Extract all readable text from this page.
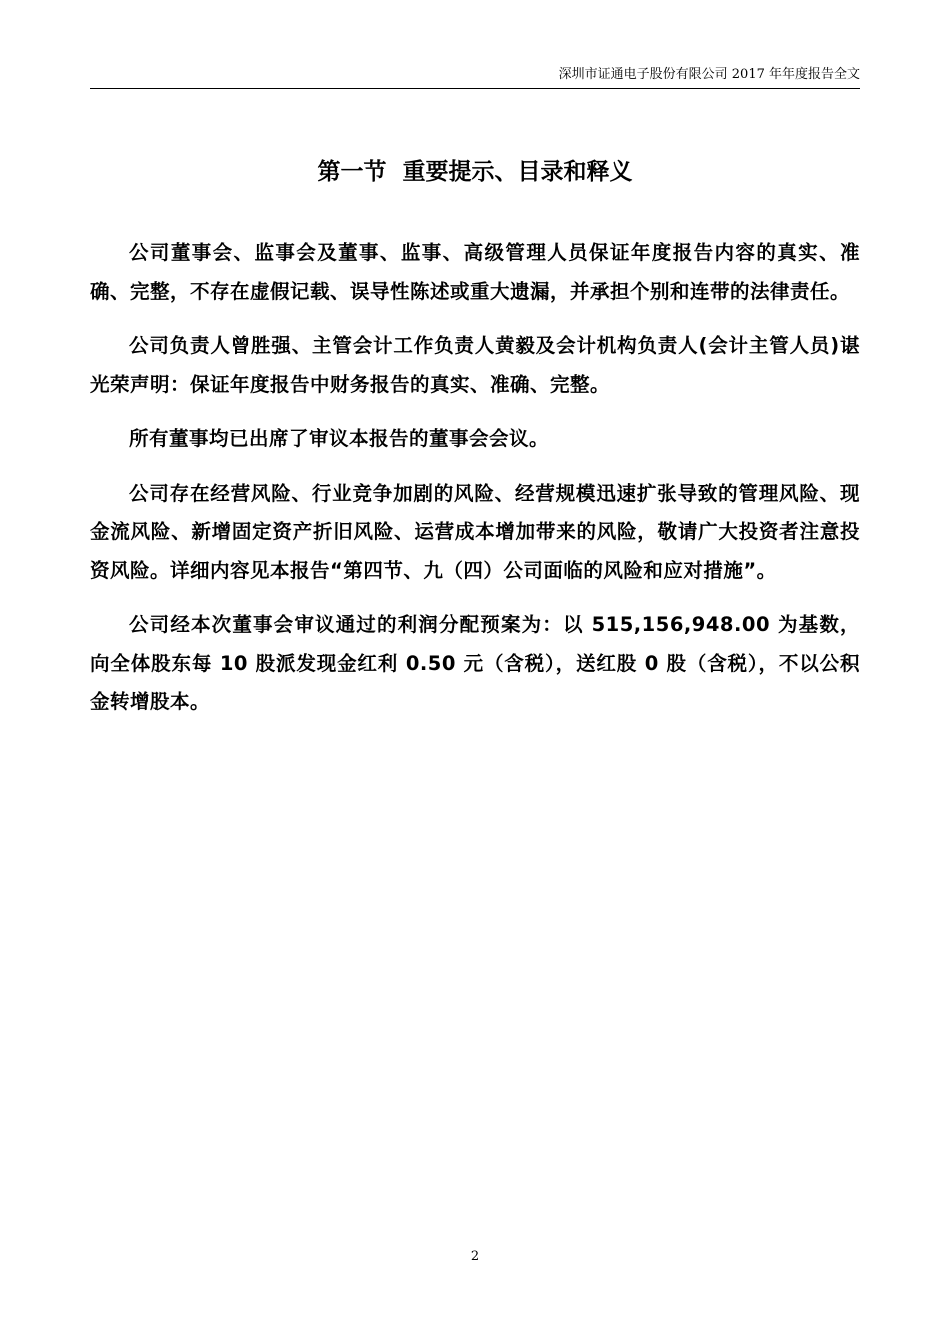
深圳市证通电子股份有限公司 2017 年年度报告全文
第一节  重要提示、目录和释义

公司董事会、监事会及董事、监事、高级管理人员保证年度报告内容的真实、准确、完整，不存在虚假记载、误导性陈述或重大遗漏，并承担个别和连带的法律责任。

公司负责人曾胜强、主管会计工作负责人黄毅及会计机构负责人(会计主管人员)谌光荣声明：保证年度报告中财务报告的真实、准确、完整。

所有董事均已出席了审议本报告的董事会会议。

公司存在经营风险、行业竞争加剧的风险、经营规模迅速扩张导致的管理风险、现金流风险、新增固定资产折旧风险、运营成本增加带来的风险，敬请广大投资者注意投资风险。详细内容见本报告“第四节、九（四）公司面临的风险和应对措施”。

公司经本次董事会审议通过的利润分配预案为：以 515,156,948.00 为基数，向全体股东每 10 股派发现金红利 0.50 元（含税），送红股 0 股（含税），不以公积金转增股本。

2
